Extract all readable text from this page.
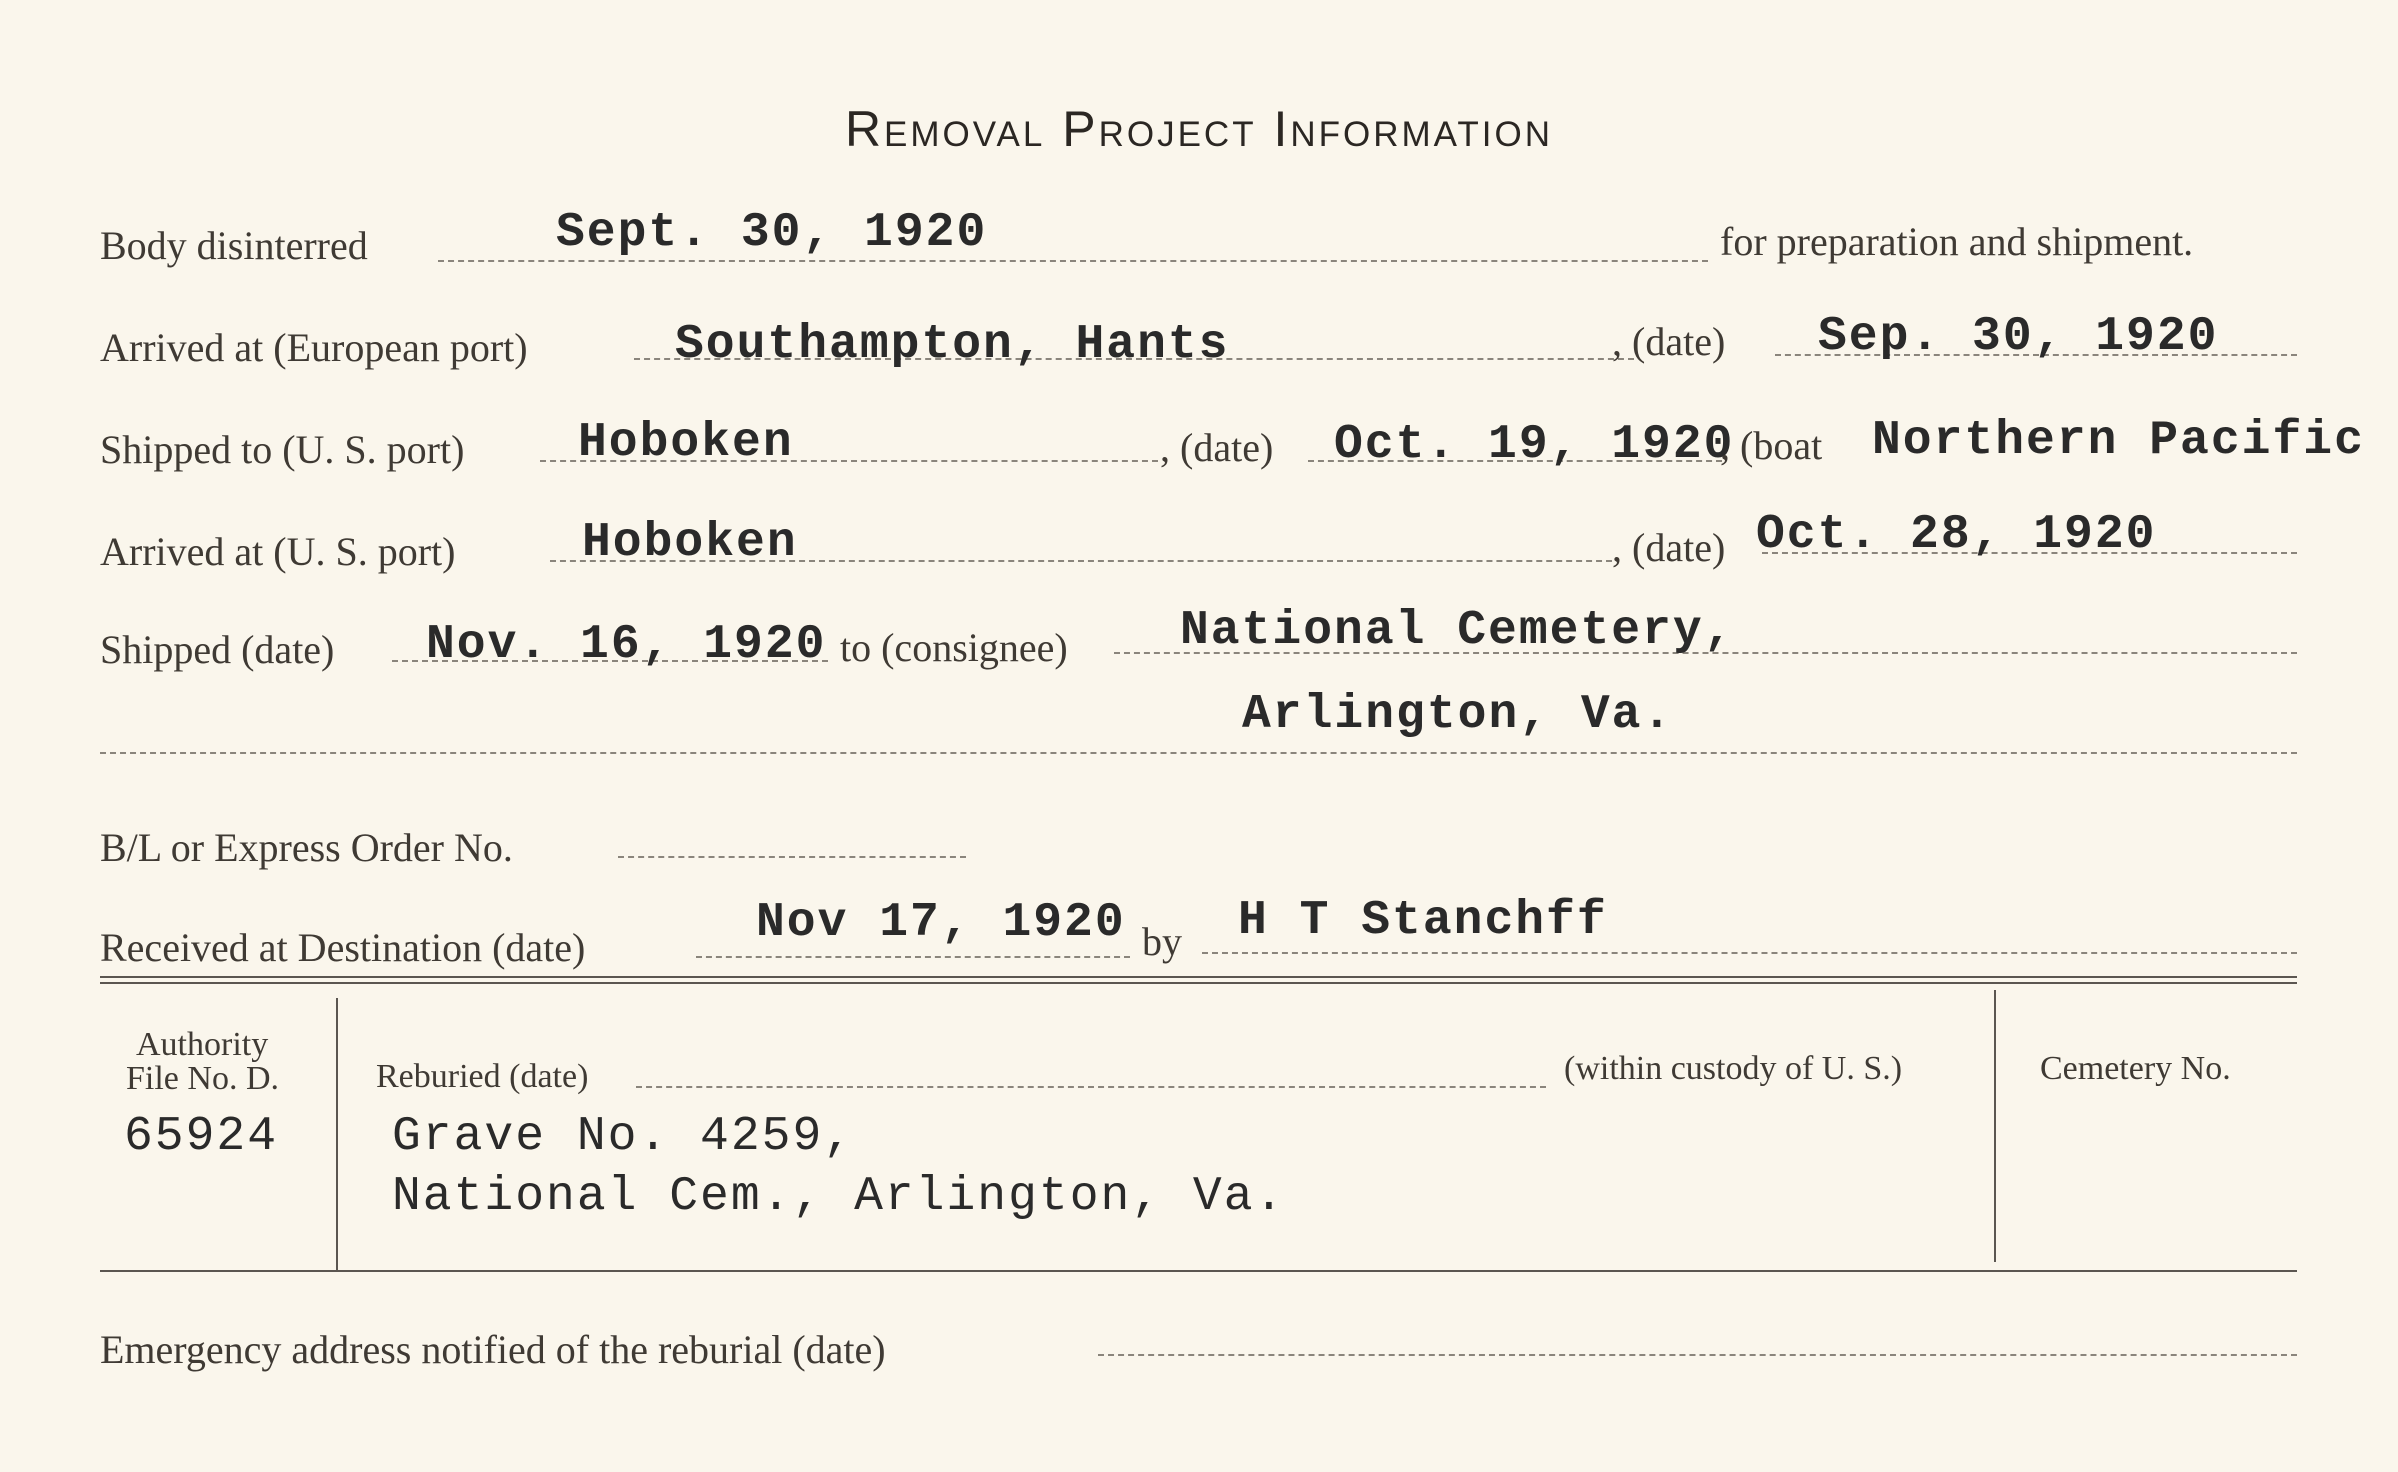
Removal Project Information
Body disinterred	Sept. 30, 1920	for preparation and shipment.
Arrived at (European port)	Southampton, Hants	, (date) Sep. 30, 1920
Shipped to (U. S. port) Hoboken	, (date) Oct. 19, 1920
, (boat Northern Pacific
Arrived at (U. S. port)	Hoboken	, (date) Oct. 28, 1920
Shipped (date) Nov. 16, 1920 to (consignee) National Cemetery,
Arlington, Va.
B/L or Express Order No.
Received at Destination (date)	Nov 17, 1920 by H T Stanchff
Authority
File No. D.
65924
Reburied (date)	(within custody of U. S.)
Grave No. 4259,
National Cem., Arlington, Va.
Cemetery No.
Emergency address notified of the reburial (date)
